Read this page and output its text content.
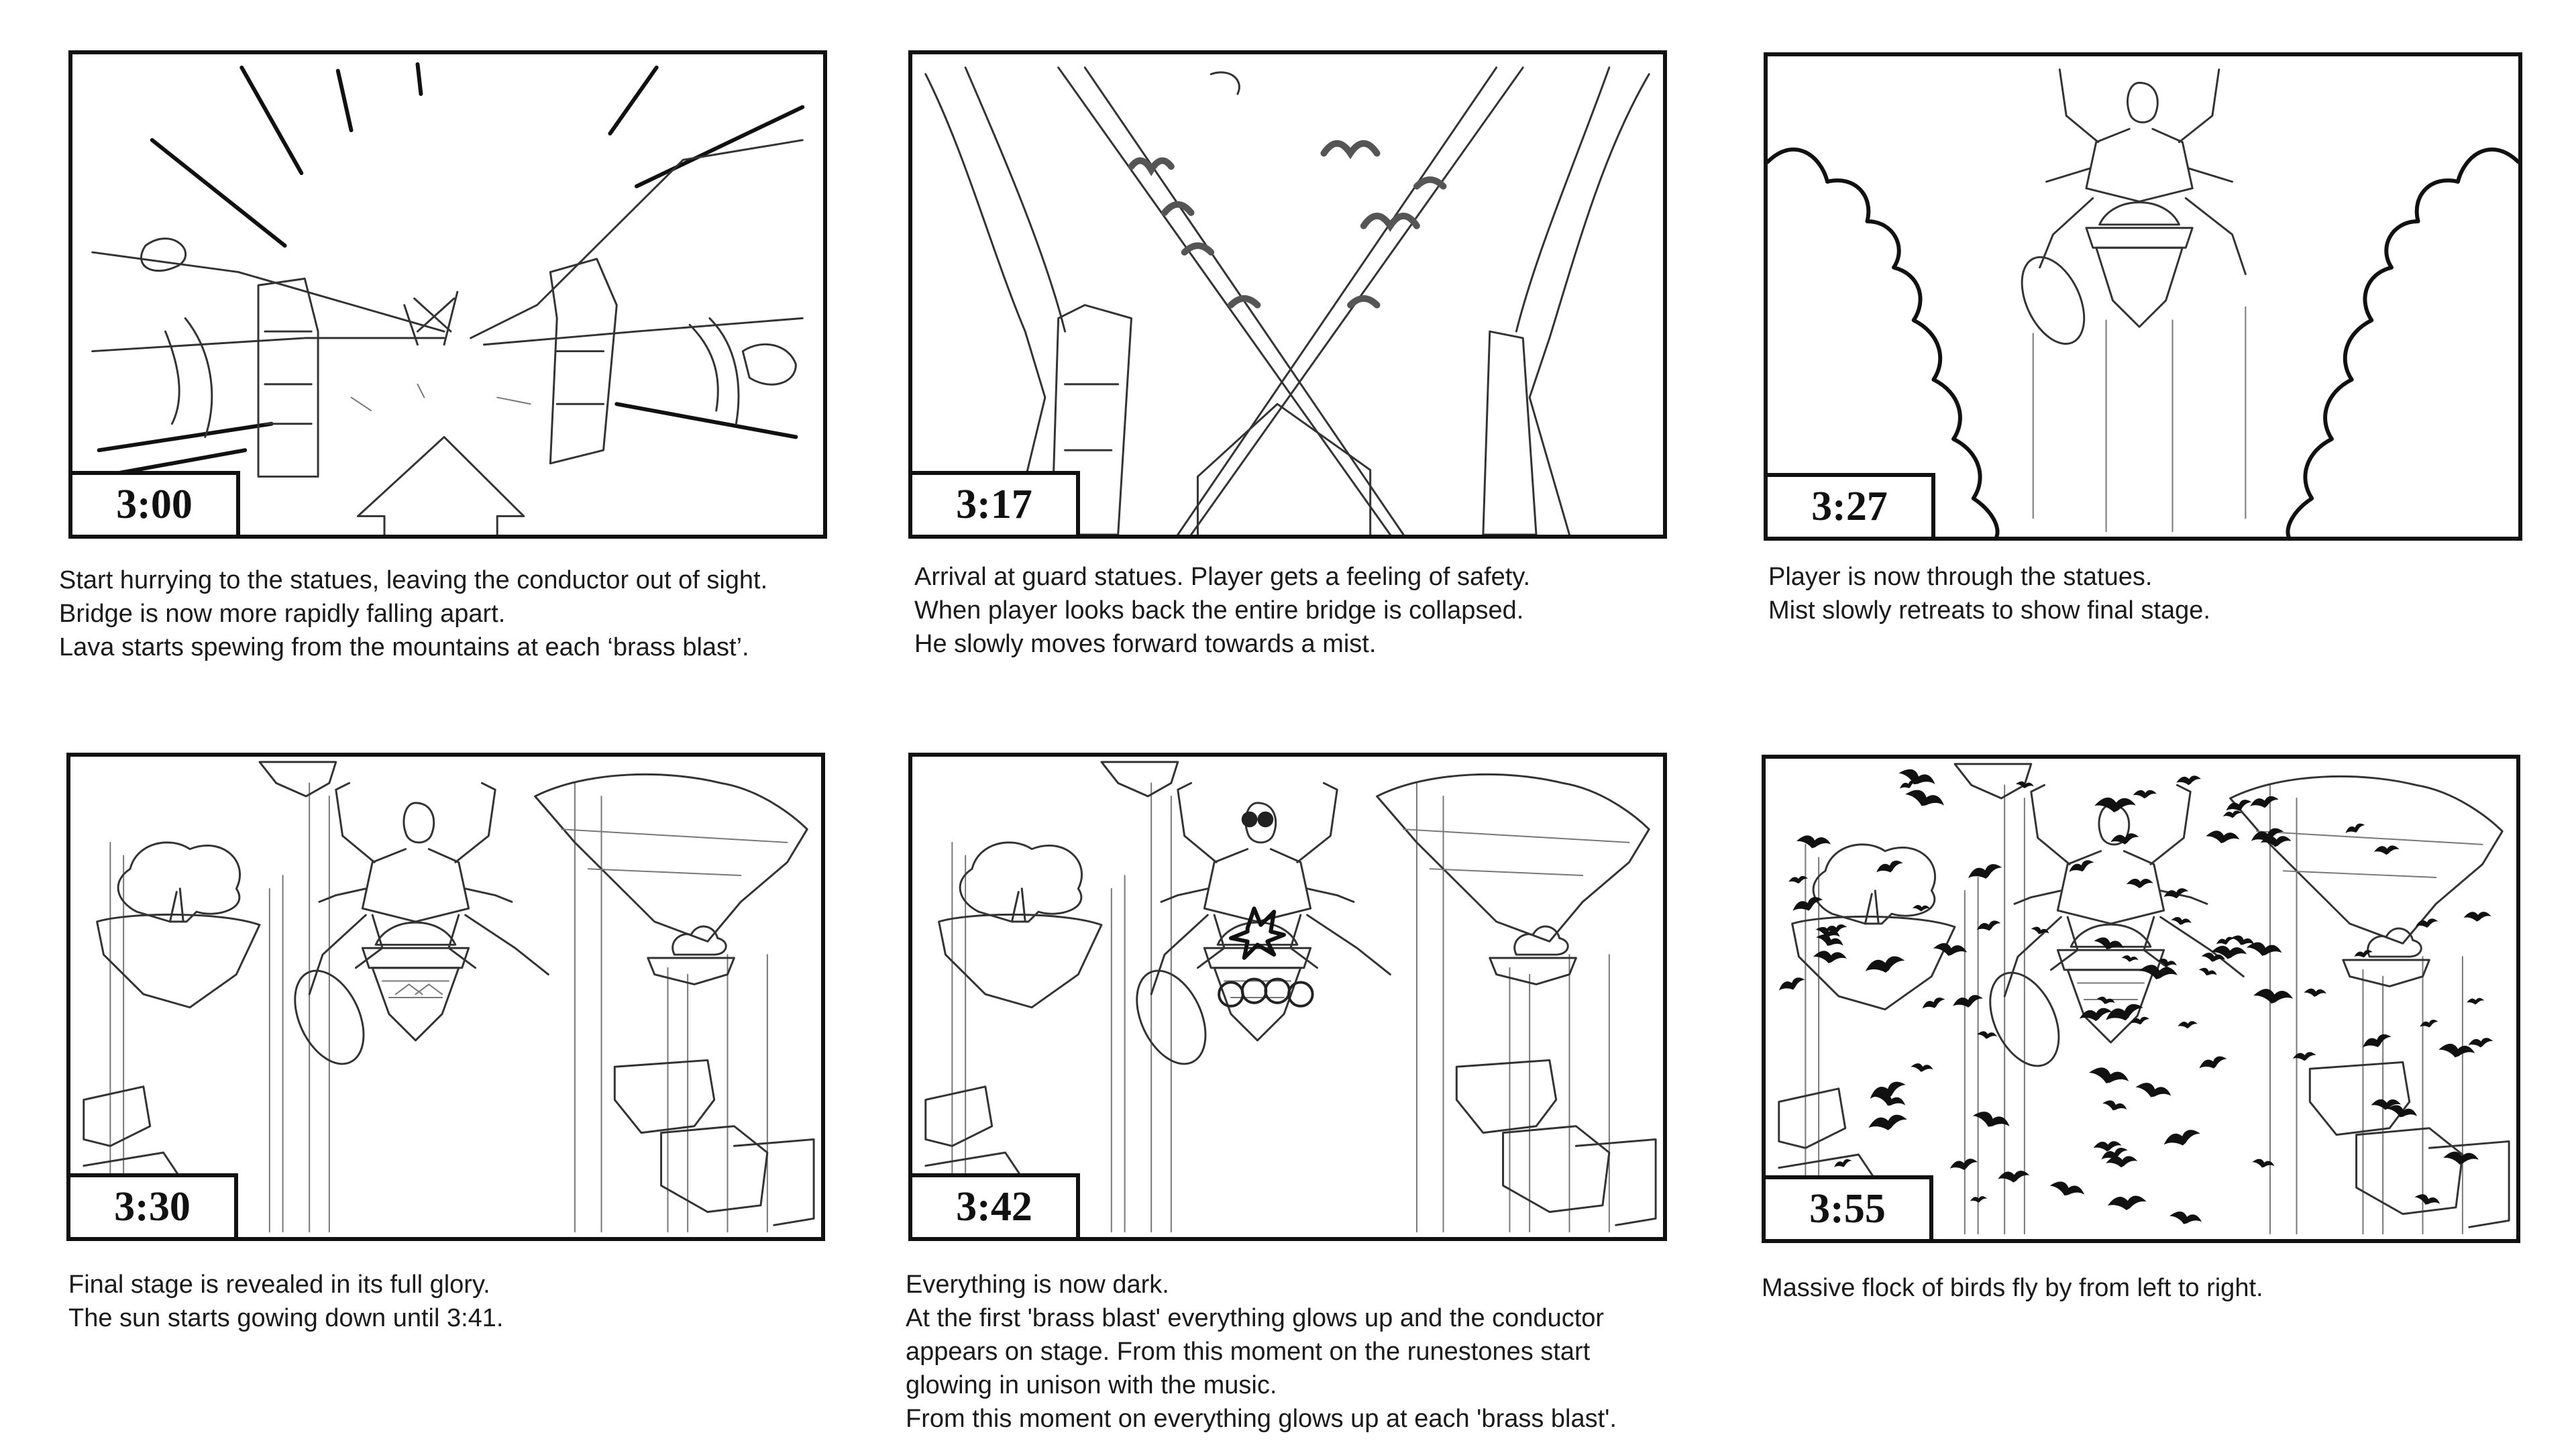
3:00
Start hurrying to the statues, leaving the conductor out of sight.
Bridge is now more rapidly falling apart.
Lava starts spewing from the mountains at each ‘brass blast’.
3:17
Arrival at guard statues. Player gets a feeling of safety.
When player looks back the entire bridge is collapsed.
He slowly moves forward towards a mist.
3:27
Player is now through the statues.
Mist slowly retreats to show final stage.
3:30
Final stage is revealed in its full glory.
The sun starts gowing down until 3:41.
3:42
Everything is now dark.
At the first 'brass blast' everything glows up and the conductor
appears on stage. From this moment on the runestones start
glowing in unison with the music.
From this moment on everything glows up at each 'brass blast'.
3:55
Massive flock of birds fly by from left to right.
